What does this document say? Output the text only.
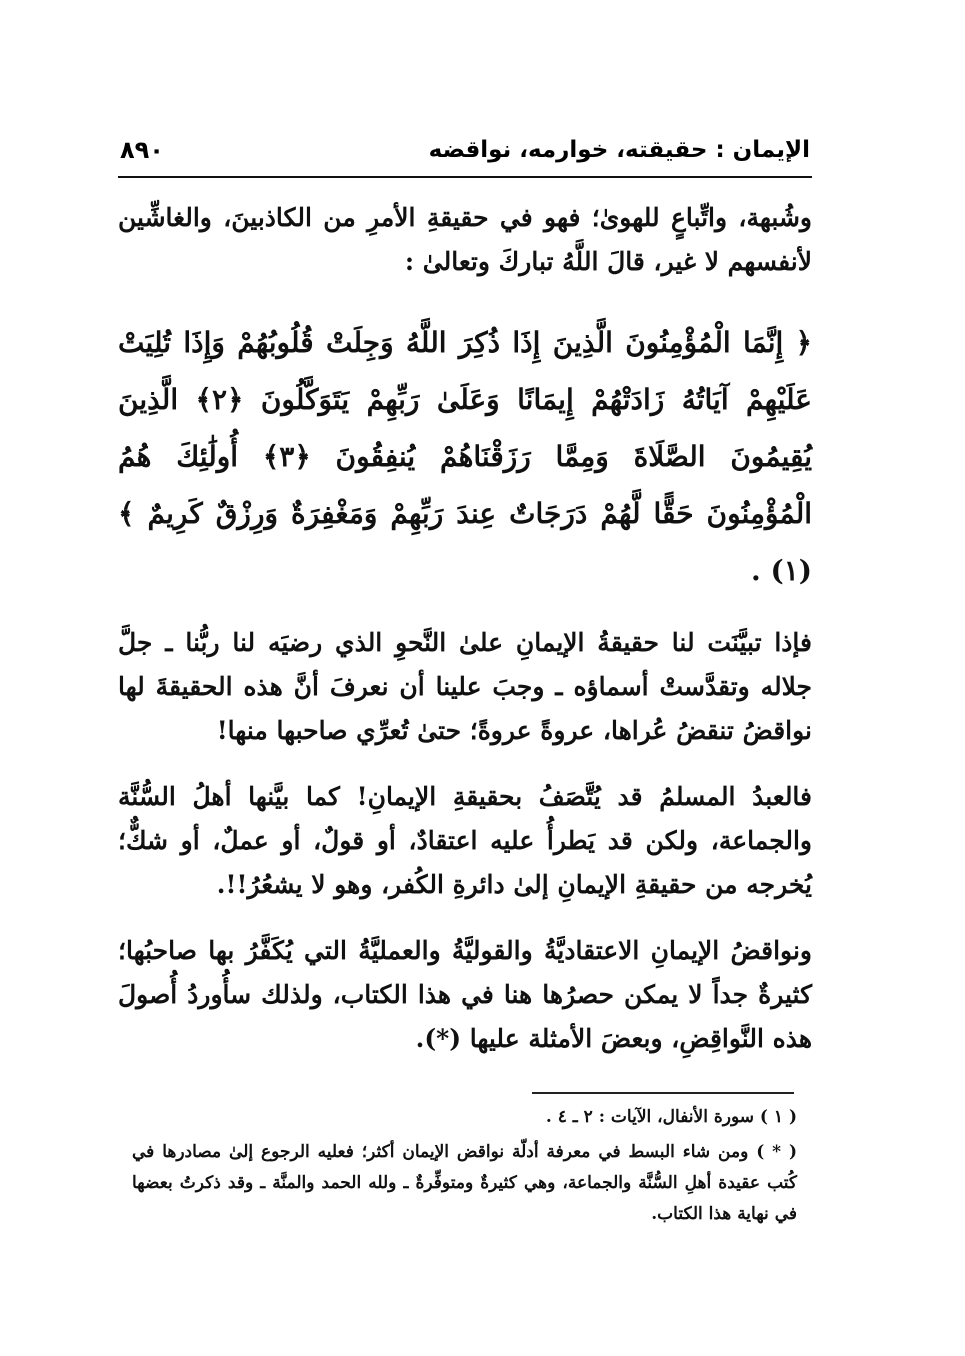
٨٩٠	الإيمان : حقيقته، خوارمه، نواقضه

وشُبهة، واتِّباعٍ للهوىٰ؛ فهو في حقيقةِ الأمرِ من الكاذبينَ، والغاشِّين لأنفسهم لا غير، قالَ اللَّهُ تباركَ وتعالىٰ :

﴿ إِنَّمَا الْمُؤْمِنُونَ الَّذِينَ إِذَا ذُكِرَ اللَّهُ وَجِلَتْ قُلُوبُهُمْ وَإِذَا تُلِيَتْ عَلَيْهِمْ آيَاتُهُ زَادَتْهُمْ إِيمَانًا وَعَلَىٰ رَبِّهِمْ يَتَوَكَّلُونَ ﴿٢﴾ الَّذِينَ يُقِيمُونَ الصَّلَاةَ وَمِمَّا رَزَقْنَاهُمْ يُنفِقُونَ ﴿٣﴾ أُولَٰئِكَ هُمُ الْمُؤْمِنُونَ حَقًّا لَّهُمْ دَرَجَاتٌ عِندَ رَبِّهِمْ وَمَغْفِرَةٌ وَرِزْقٌ كَرِيمٌ ﴾ (١) .

فإذا تبيَّنَت لنا حقيقةُ الإيمانِ علىٰ النَّحوِ الذي رضيَه لنا ربُّنا ـ جلَّ جلاله وتقدَّستْ أسماؤه ـ وجبَ علينا أن نعرفَ أنَّ هذه الحقيقةَ لها نواقضُ تنقضُ عُراها، عروةً عروةً؛ حتىٰ تُعرِّي صاحبها منها!

فالعبدُ المسلمُ قد يُتَّصَفُ بحقيقةِ الإيمانِ! كما بيَّنها أهلُ السُّنَّة والجماعة، ولكن قد يَطرأُ عليه اعتقادٌ، أو قولٌ، أو عملٌ، أو شكٌّ؛ يُخرجه من حقيقةِ الإيمانِ إلىٰ دائرةِ الكُفر، وهو لا يشعُرُ!!.

ونواقضُ الإيمانِ الاعتقاديَّةُ والقوليَّةُ والعمليَّةُ التي يُكَفَّرُ بها صاحبُها؛ كثيرةٌ جداً لا يمكن حصرُها هنا في هذا الكتاب، ولذلك سأُوردُ أُصولَ هذه النَّواقِضِ، وبعضَ الأمثلة عليها (*).

( ١ ) سورة الأنفال، الآيات : ٢ ـ ٤ .

( * ) ومن شاء البسط في معرفة أدلّة نواقض الإيمان أكثر؛ فعليه الرجوع إلىٰ مصادرها في كُتب عقيدة أهلِ السُّنَّة والجماعة، وهي كثيرةٌ ومتوفِّرةٌ ـ ولله الحمد والمنَّة ـ وقد ذكرتُ بعضها في نهاية هذا الكتاب.
